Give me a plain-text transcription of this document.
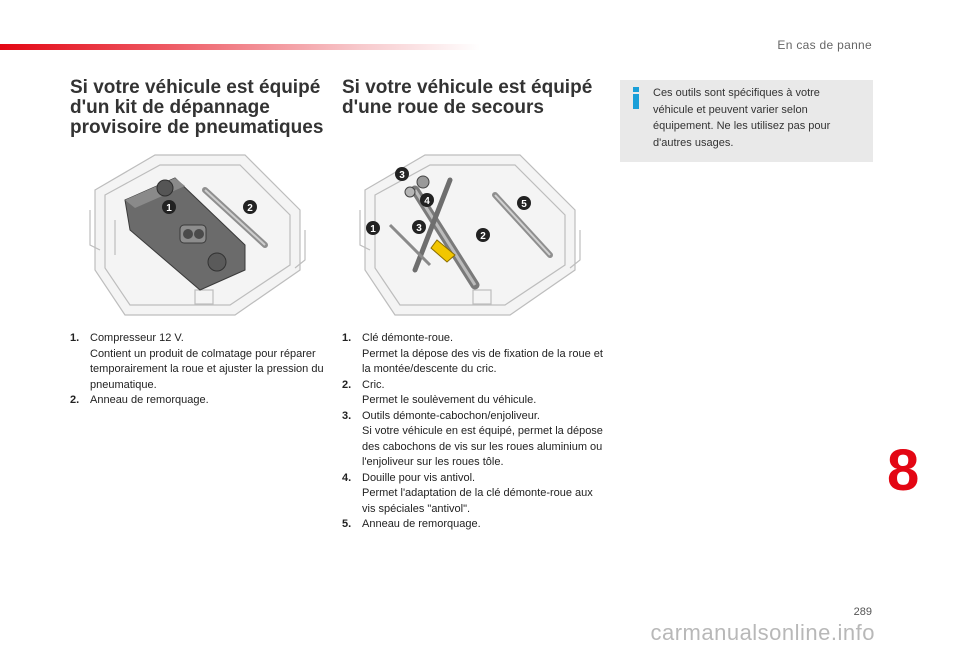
En cas de panne
Si votre véhicule est équipé d'un kit de dépannage provisoire de pneumatiques
Si votre véhicule est équipé d'une roue de secours
Ces outils sont spécifiques à votre véhicule et peuvent varier selon équipement. Ne les utilisez pas pour d'autres usages.
1	2
3
4
1	3
2
5
1. Compresseur 12 V.
Contient un produit de colmatage pour réparer temporairement la roue et ajuster la pression du pneumatique.
2. Anneau de remorquage.
1. Clé démonte-roue.
Permet la dépose des vis de fixation de la roue et la montée/descente du cric.
2. Cric.
Permet le soulèvement du véhicule.
3. Outils démonte-cabochon/enjoliveur.
Si votre véhicule en est équipé, permet la dépose des cabochons de vis sur les roues aluminium ou l'enjoliveur sur les roues tôle.
4. Douille pour vis antivol.
Permet l'adaptation de la clé démonte-roue aux vis spéciales "antivol".
5. Anneau de remorquage.
8
289
carmanualsonline.info
